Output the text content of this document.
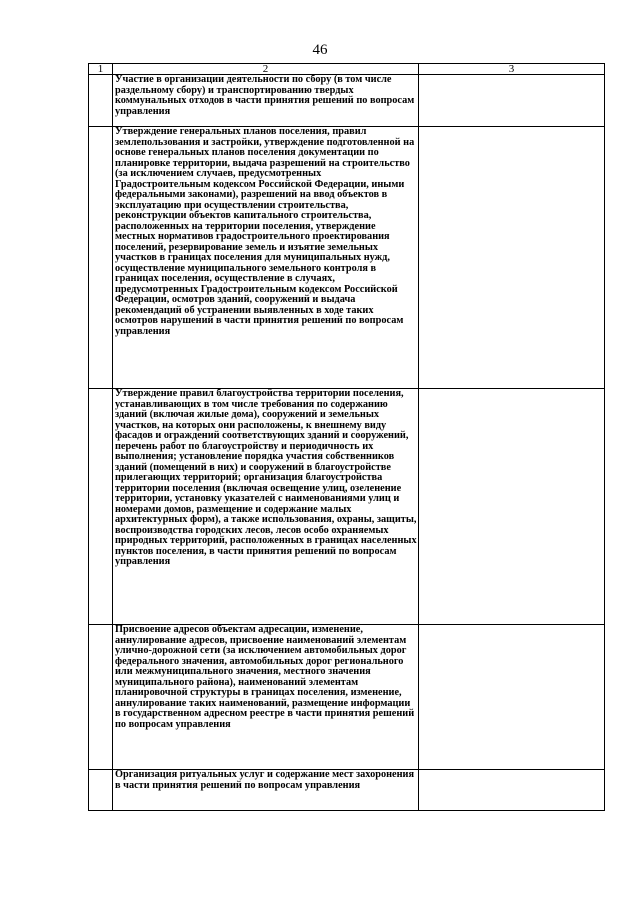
46
1	2	3
	Участие в организации деятельности по сбору (в том числе раздельному сбору) и транспортированию твердых коммунальных отходов в части принятия решений по вопросам управления	
	Утверждение генеральных планов поселения, правил землепользования и застройки, утверждение подготовленной на основе генеральных планов поселения документации по планировке территории, выдача разрешений на строительство (за исключением случаев, предусмотренных Градостроительным кодексом Российской Федерации, иными федеральными законами), разрешений на ввод объектов в эксплуатацию при осуществлении строительства, реконструкции объектов капитального строительства, расположенных на территории поселения, утверждение местных нормативов градостроительного проектирования поселений, резервирование земель и изъятие земельных участков в границах поселения для муниципальных нужд, осуществление муниципального земельного контроля в границах поселения, осуществление в случаях, предусмотренных Градостроительным кодексом Российской Федерации, осмотров зданий, сооружений и выдача рекомендаций об устранении выявленных в ходе таких осмотров нарушений в части принятия решений по вопросам управления	
	Утверждение правил благоустройства территории поселения, устанавливающих в том числе требования по содержанию зданий (включая жилые дома), сооружений и земельных участков, на которых они расположены, к внешнему виду фасадов и ограждений соответствующих зданий и сооружений, перечень работ по благоустройству и периодичность их выполнения; установление порядка участия собственников зданий (помещений в них) и сооружений в благоустройстве прилегающих территорий; организация благоустройства территории поселения (включая освещение улиц, озеленение территории, установку указателей с наименованиями улиц и номерами домов, размещение и содержание малых архитектурных форм), а также использования, охраны, защиты, воспроизводства городских лесов, лесов особо охраняемых природных территорий, расположенных в границах населенных пунктов поселения, в части принятия решений по вопросам управления	
	Присвоение адресов объектам адресации, изменение, аннулирование адресов, присвоение наименований элементам улично-дорожной сети (за исключением автомобильных дорог федерального значения, автомобильных дорог регионального или межмуниципального значения, местного значения муниципального района), наименований элементам планировочной структуры в границах поселения, изменение, аннулирование таких наименований, размещение информации в государственном адресном реестре в части принятия решений по вопросам управления	
	Организация ритуальных услуг и содержание мест захоронения в части принятия решений по вопросам управления	
